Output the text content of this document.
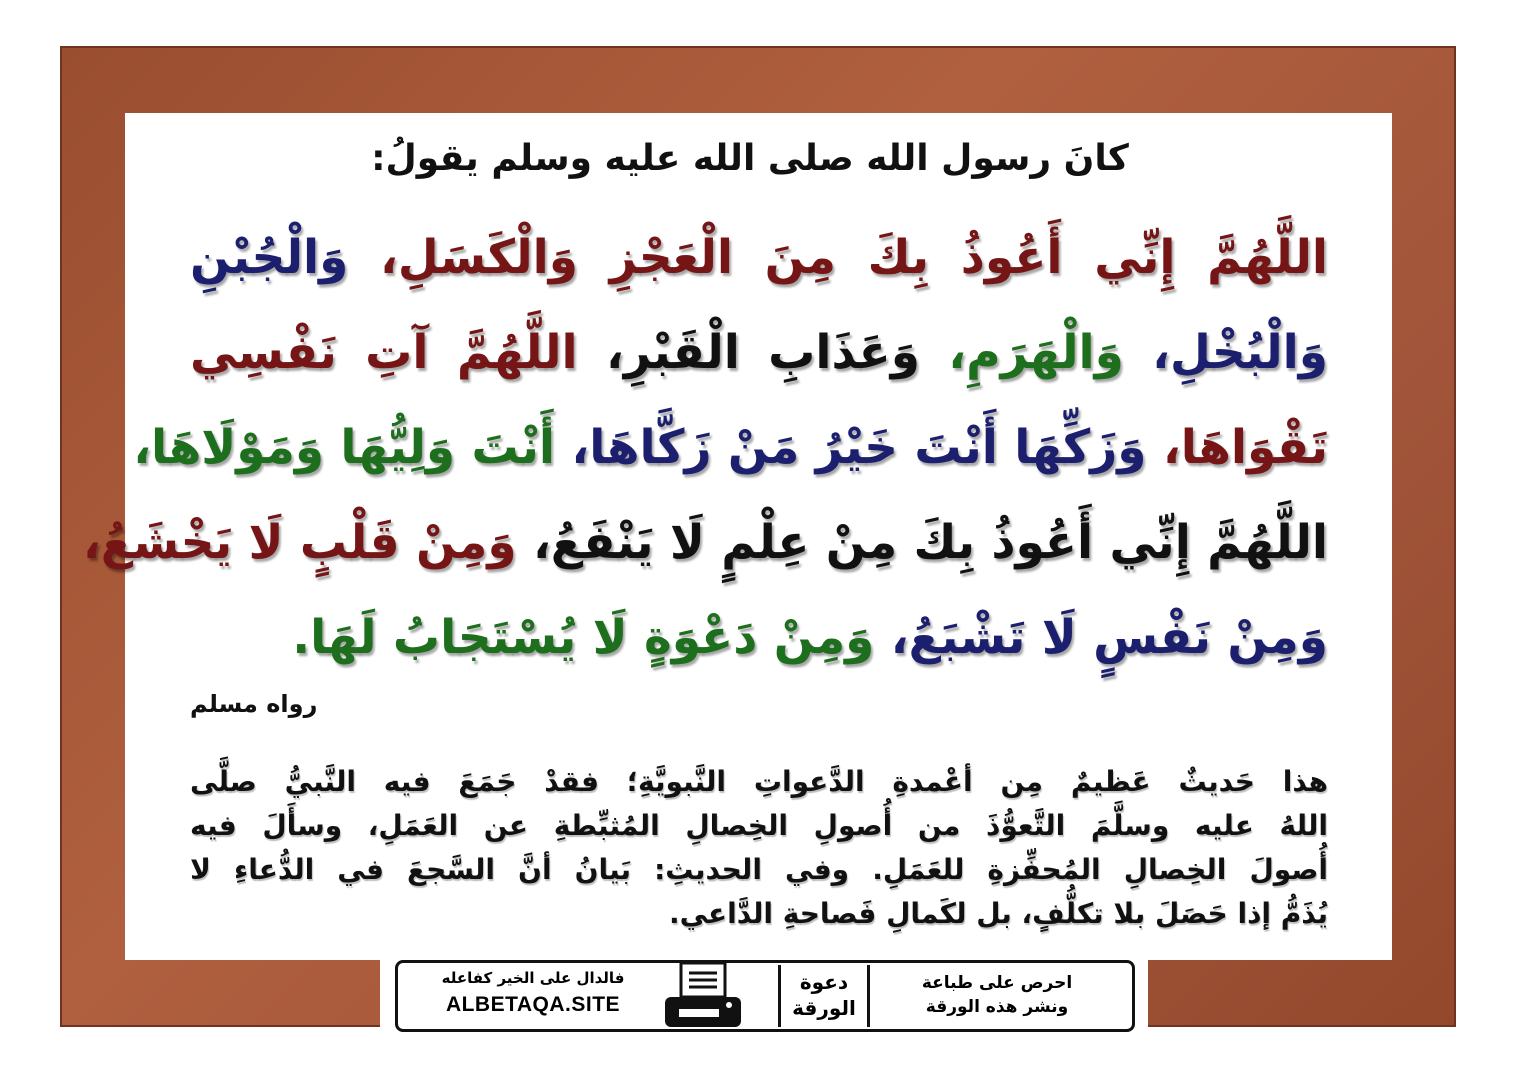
كانَ رسول الله صلى الله عليه وسلم يقولُ:
اللَّهُمَّ إِنِّي أَعُوذُ بِكَ مِنَ الْعَجْزِ وَالْكَسَلِ، وَالْجُبْنِ
وَالْبُخْلِ، وَالْهَرَمِ، وَعَذَابِ الْقَبْرِ، اللَّهُمَّ آتِ نَفْسِي
تَقْوَاهَا، وَزَكِّهَا أَنْتَ خَيْرُ مَنْ زَكَّاهَا، أَنْتَ وَلِيُّهَا وَمَوْلَاهَا،
اللَّهُمَّ إِنِّي أَعُوذُ بِكَ مِنْ عِلْمٍ لَا يَنْفَعُ، وَمِنْ قَلْبٍ لَا يَخْشَعُ،
وَمِنْ نَفْسٍ لَا تَشْبَعُ، وَمِنْ دَعْوَةٍ لَا يُسْتَجَابُ لَهَا.
رواه مسلم
هذا حَديثٌ عَظيمٌ مِن أعْمدةِ الدَّعواتِ النَّبويَّةِ؛ فقدْ جَمَعَ فيه النَّبيُّ صلَّى
اللهُ عليه وسلَّمَ التَّعوُّذَ من أُصولِ الخِصالِ المُثبِّطةِ عن العَمَلِ، وسأَلَ فيه
أُصولَ الخِصالِ المُحفِّزةِ للعَمَلِ. وفي الحديثِ: بَيانُ أنَّ السَّجعَ في الدُّعاءِ لا
يُذَمُّ إذا حَصَلَ بلا تكلُّفٍ، بل لكَمالِ فَصاحةِ الدَّاعي.
فالدال على الخير كفاعله
ALBETAQA.SITE
دعوة
الورقة
احرص على طباعة
ونشر هذه الورقة
